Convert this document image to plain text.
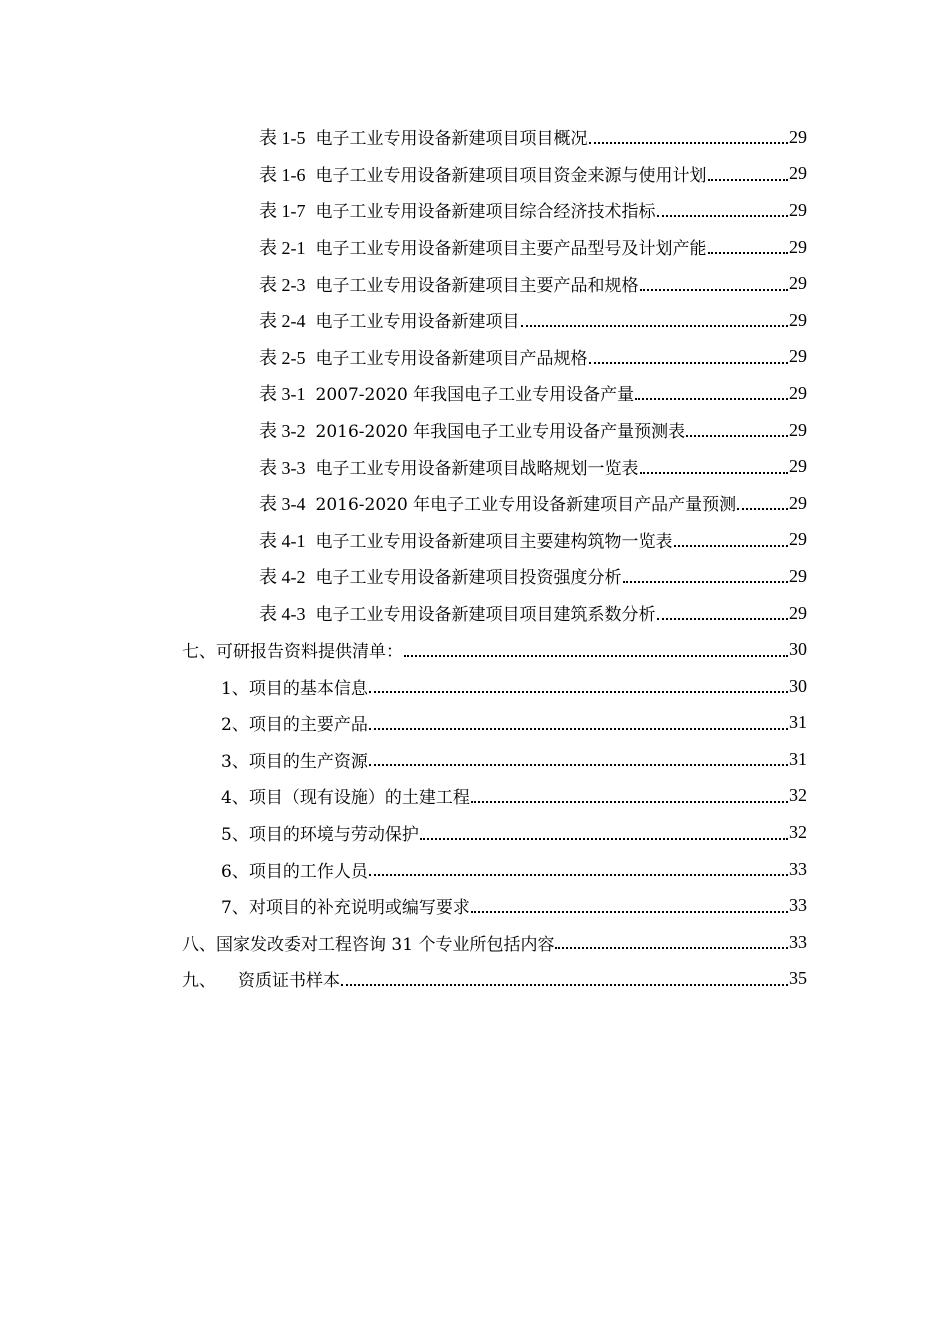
表 1-5 电子工业专用设备新建项目项目概况	29
表 1-6 电子工业专用设备新建项目项目资金来源与使用计划	29
表 1-7 电子工业专用设备新建项目综合经济技术指标	29
表 2-1 电子工业专用设备新建项目主要产品型号及计划产能	29
表 2-3 电子工业专用设备新建项目主要产品和规格	29
表 2-4 电子工业专用设备新建项目	29
表 2-5 电子工业专用设备新建项目产品规格	29
表 3-1 2007-2020 年我国电子工业专用设备产量	29
表 3-2 2016-2020 年我国电子工业专用设备产量预测表	29
表 3-3 电子工业专用设备新建项目战略规划一览表	29
表 3-4 2016-2020 年电子工业专用设备新建项目产品产量预测	29
表 4-1 电子工业专用设备新建项目主要建构筑物一览表	29
表 4-2 电子工业专用设备新建项目投资强度分析	29
表 4-3 电子工业专用设备新建项目项目建筑系数分析	29
七、可研报告资料提供清单：	30
1、项目的基本信息	30
2、项目的主要产品	31
3、项目的生产资源	31
4、项目（现有设施）的土建工程	32
5、项目的环境与劳动保护	32
6、项目的工作人员	33
7、对项目的补充说明或编写要求	33
八、国家发改委对工程咨询 31 个专业所包括内容	33
九、 资质证书样本	35
